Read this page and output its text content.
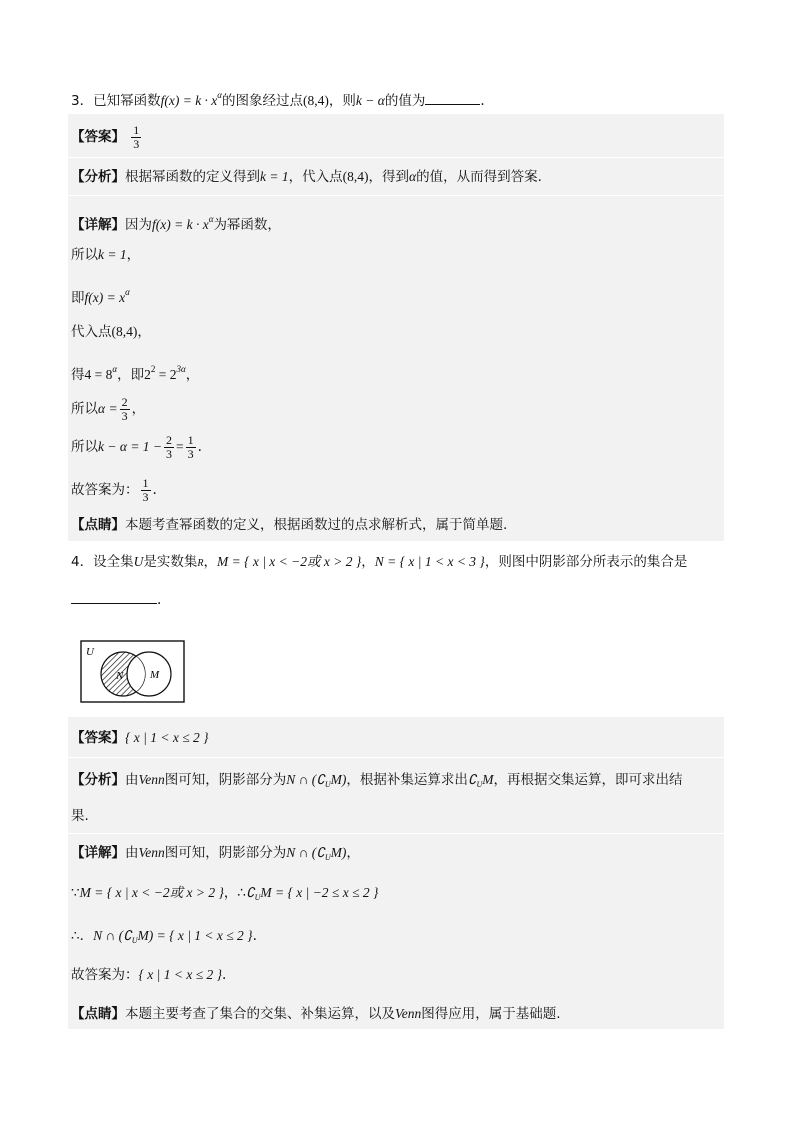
3．已知幂函数$f(x) = k \cdot x^\alpha$的图象经过点(8,4)，则k − α的值为	.
【答案】 $\frac{1}{3}$
【分析】根据幂函数的定义得到k = 1，代入点(8,4)，得到α的值，从而得到答案.
【详解】因为$f(x) = k \cdot x^\alpha$为幂函数，
所以k = 1，
即$f(x) = x^\alpha$
代入点(8,4)，
得$4 = 8^\alpha$，即$2^2 = 2^{3\alpha}$，
所以$\alpha = \frac{2}{3}$ ，
所以$k - \alpha = 1 - \frac{2}{3} = \frac{1}{3}$ .
故答案为： $\frac{1}{3}$ .
【点睛】本题考查幂函数的定义，根据函数过的点求解析式，属于简单题.
4．设全集U是实数集R，M = { x | x < −2或 x > 2 }，N = { x | 1 < x < 3 }，则图中阴影部分所表示的集合是
.
U
N M
【答案】{ x | 1 < x ≤ 2 }
【分析】由Venn图可知，阴影部分为N ∩ $(∁_UM)$，根据补集运算求出$∁_UM$，再根据交集运算，即可求出结
果.
【详解】由Venn图可知，阴影部分为N ∩ $(∁_UM)$，
∵M = { x | x < −2或 x > 2 }，$\therefore∁_UM$ = { x | −2 ≤ x ≤ 2 }
∴．N ∩ $(∁_UM)$ = { x | 1 < x ≤ 2 }.
故答案为：{ x | 1 < x ≤ 2 }.
【点睛】本题主要考查了集合的交集、补集运算，以及Venn图得应用，属于基础题.
